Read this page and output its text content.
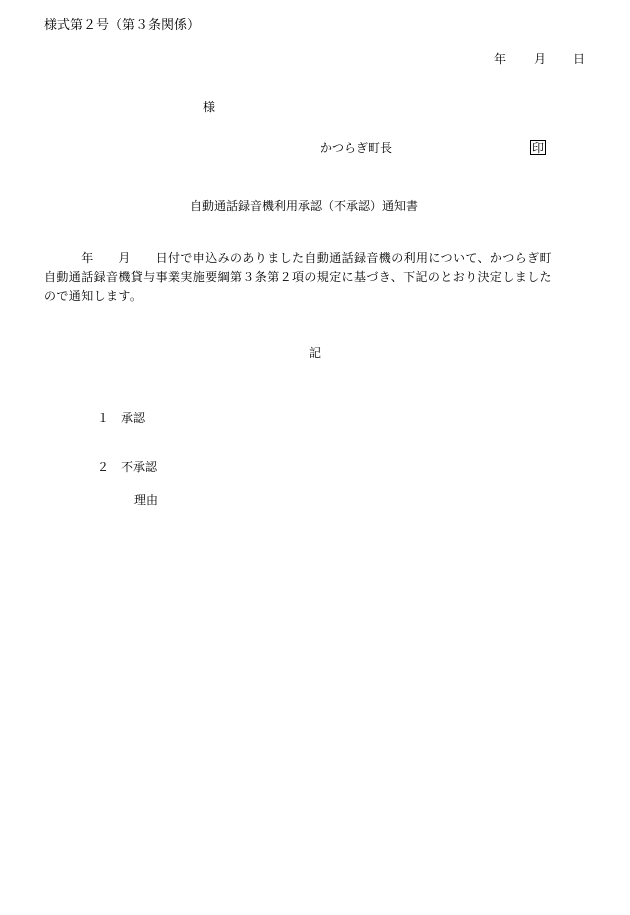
様式第２号（第３条関係）
年 月 日
様
かつらぎ町長	印
自動通話録音機利用承認（不承認）通知書
　　　年　　月　　日付で申込みのありました自動通話録音機の利用について、かつらぎ町
自動通話録音機貸与事業実施要綱第３条第２項の規定に基づき、下記のとおり決定しました
ので通知します。
記
１ 承認
２ 不承認
理由
